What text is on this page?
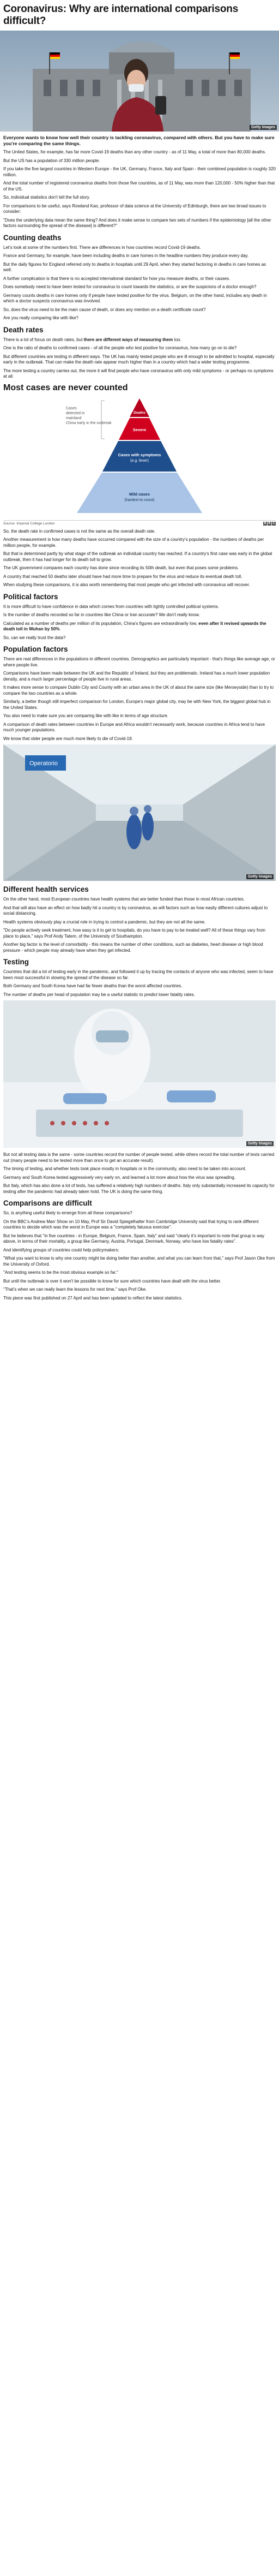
Coronavirus: Why are international comparisons difficult?
Getty Images

Everyone wants to know how well their country is tackling coronavirus, compared with others. But you have to make sure you're comparing the same things.

The United States, for example, has far more Covid-19 deaths than any other country - as of 11 May, a total of more than 80,000 deaths.

But the US has a population of 330 million people.

If you take the five largest countries in Western Europe - the UK, Germany, France, Italy and Spain - their combined population is roughly 320 million.

And the total number of registered coronavirus deaths from those five countries, as of 11 May, was more than 120,000 - 50% higher than that of the US.

So, individual statistics don't tell the full story.

For comparisons to be useful, says Rowland Kao, professor of data science at the University of Edinburgh, there are two broad issues to consider:

"Does the underlying data mean the same thing? And does it make sense to compare two sets of numbers if the epidemiology [all the other factors surrounding the spread of the disease] is different?"

Counting deaths

Let's look at some of the numbers first. There are differences in how countries record Covid-19 deaths.

France and Germany, for example, have been including deaths in care homes in the headline numbers they produce every day.

But the daily figures for England referred only to deaths in hospitals until 29 April, when they started factoring in deaths in care homes as well.

A further complication is that there is no accepted international standard for how you measure deaths, or their causes.

Does somebody need to have been tested for coronavirus to count towards the statistics, or are the suspicions of a doctor enough?

Germany counts deaths in care homes only if people have tested positive for the virus. Belgium, on the other hand, includes any death in which a doctor suspects coronavirus was involved.

So, does the virus need to be the main cause of death, or does any mention on a death certificate count?

Are you really comparing like with like?

Death rates

There is a lot of focus on death rates, but there are different ways of measuring them too.

One is the ratio of deaths to confirmed cases - of all the people who test positive for coronavirus, how many go on to die?

But different countries are testing in different ways. The UK has mainly tested people who are ill enough to be admitted to hospital, especially early in the outbreak. That can make the death rate appear much higher than in a country which had a wider testing programme.

The more testing a country carries out, the more it will find people who have coronavirus with only mild symptoms - or perhaps no symptoms at all.

Most cases are never counted
Cases detected in mainland China early in the outbreak
Deaths
Severe
Cases with symptoms
(e.g. fever)
Mild cases
(hardest to count)
Source: Imperial College London	B B C

So, the death rate in confirmed cases is not the same as the overall death rate.

Another measurement is how many deaths have occurred compared with the size of a country's population - the numbers of deaths per million people, for example.

But that is determined partly by what stage of the outbreak an individual country has reached. If a country's first case was early in the global outbreak, then it has had longer for its death toll to grow.

The UK government compares each country has done since recording its 50th death, but even that poses some problems.

A country that reached 50 deaths later should have had more time to prepare for the virus and reduce its eventual death toll.

When studying these comparisons, it is also worth remembering that most people who get infected with coronavirus will recover.

Political factors

It is more difficult to have confidence in data which comes from countries with tightly controlled political systems.

Is the number of deaths recorded so far in countries like China or Iran accurate? We don't really know.

Calculated as a number of deaths per million of its population, China's figures are extraordinarily low, even after it revised upwards the death toll in Wuhan by 50%.

So, can we really trust the data?

Population factors

There are real differences in the populations in different countries. Demographics are particularly important - that's things like average age, or where people live.

Comparisons have been made between the UK and the Republic of Ireland, but they are problematic. Ireland has a much lower population density, and a much larger percentage of people live in rural areas.

It makes more sense to compare Dublin City and County with an urban area in the UK of about the same size (like Merseyside) than to try to compare the two countries as a whole.

Similarly, a better though still imperfect comparison for London, Europe's major global city, may be with New York, the biggest global hub in the United States.

You also need to make sure you are comparing like with like in terms of age structure.

A comparison of death rates between countries in Europe and Africa wouldn't necessarily work, because countries in Africa tend to have much younger populations.

We know that older people are much more likely to die of Covid-19.

Operatorio
Getty Images
Different health services

On the other hand, most European countries have health systems that are better funded than those in most African countries.

And that will also have an effect on how badly hit a country is by coronavirus, as will factors such as how easily different cultures adjust to social distancing.

Health systems obviously play a crucial role in trying to control a pandemic, but they are not all the same.

"Do people actively seek treatment, how easy is it to get to hospitals, do you have to pay to be treated well? All of these things vary from place to place," says Prof Andy Tatem, of the University of Southampton.

Another big factor is the level of comorbidity - this means the number of other conditions, such as diabetes, heart disease or high blood pressure - which people may already have when they get infected.

Testing

Countries that did a lot of testing early in the pandemic, and followed it up by tracing the contacts of anyone who was infected, seem to have been most successful in slowing the spread of the disease so far.

Both Germany and South Korea have had far fewer deaths than the worst affected countries.

The number of deaths per head of population may be a useful statistic to predict lower fatality rates.

Getty Images

But not all testing data is the same - some countries record the number of people tested, while others record the total number of tests carried out (many people need to be tested more than once to get an accurate result).

The timing of testing, and whether tests took place mostly in hospitals or in the community, also need to be taken into account.

Germany and South Korea tested aggressively very early on, and learned a lot more about how the virus was spreading.

But Italy, which has also done a lot of tests, has suffered a relatively high numbers of deaths. Italy only substantially increased its capacity for testing after the pandemic had already taken hold. The UK is doing the same thing.

Comparisons are difficult

So, is anything useful likely to emerge from all these comparisons?

On the BBC's Andrew Marr Show on 10 May, Prof Sir David Spiegelhalter from Cambridge University said that trying to rank different countries to decide which was the worst in Europe was a "completely fatuous exercise".

But he believes that "in five countries - in Europe, Belgium, France, Spain, Italy" and said "clearly it's important to note that group is way above, in terms of their mortality, a group like Germany, Austria, Portugal, Denmark, Norway, who have low fatality rates".

And identifying groups of countries could help policymakers:

"What you want to know is why one country might be doing better than another, and what you can learn from that," says Prof Jason Oke from the University of Oxford.

"And testing seems to be the most obvious example so far."

But until the outbreak is over it won't be possible to know for sure which countries have dealt with the virus better.

"That's when we can really learn the lessons for next time," says Prof Oke.

This piece was first published on 27 April and has been updated to reflect the latest statistics.
